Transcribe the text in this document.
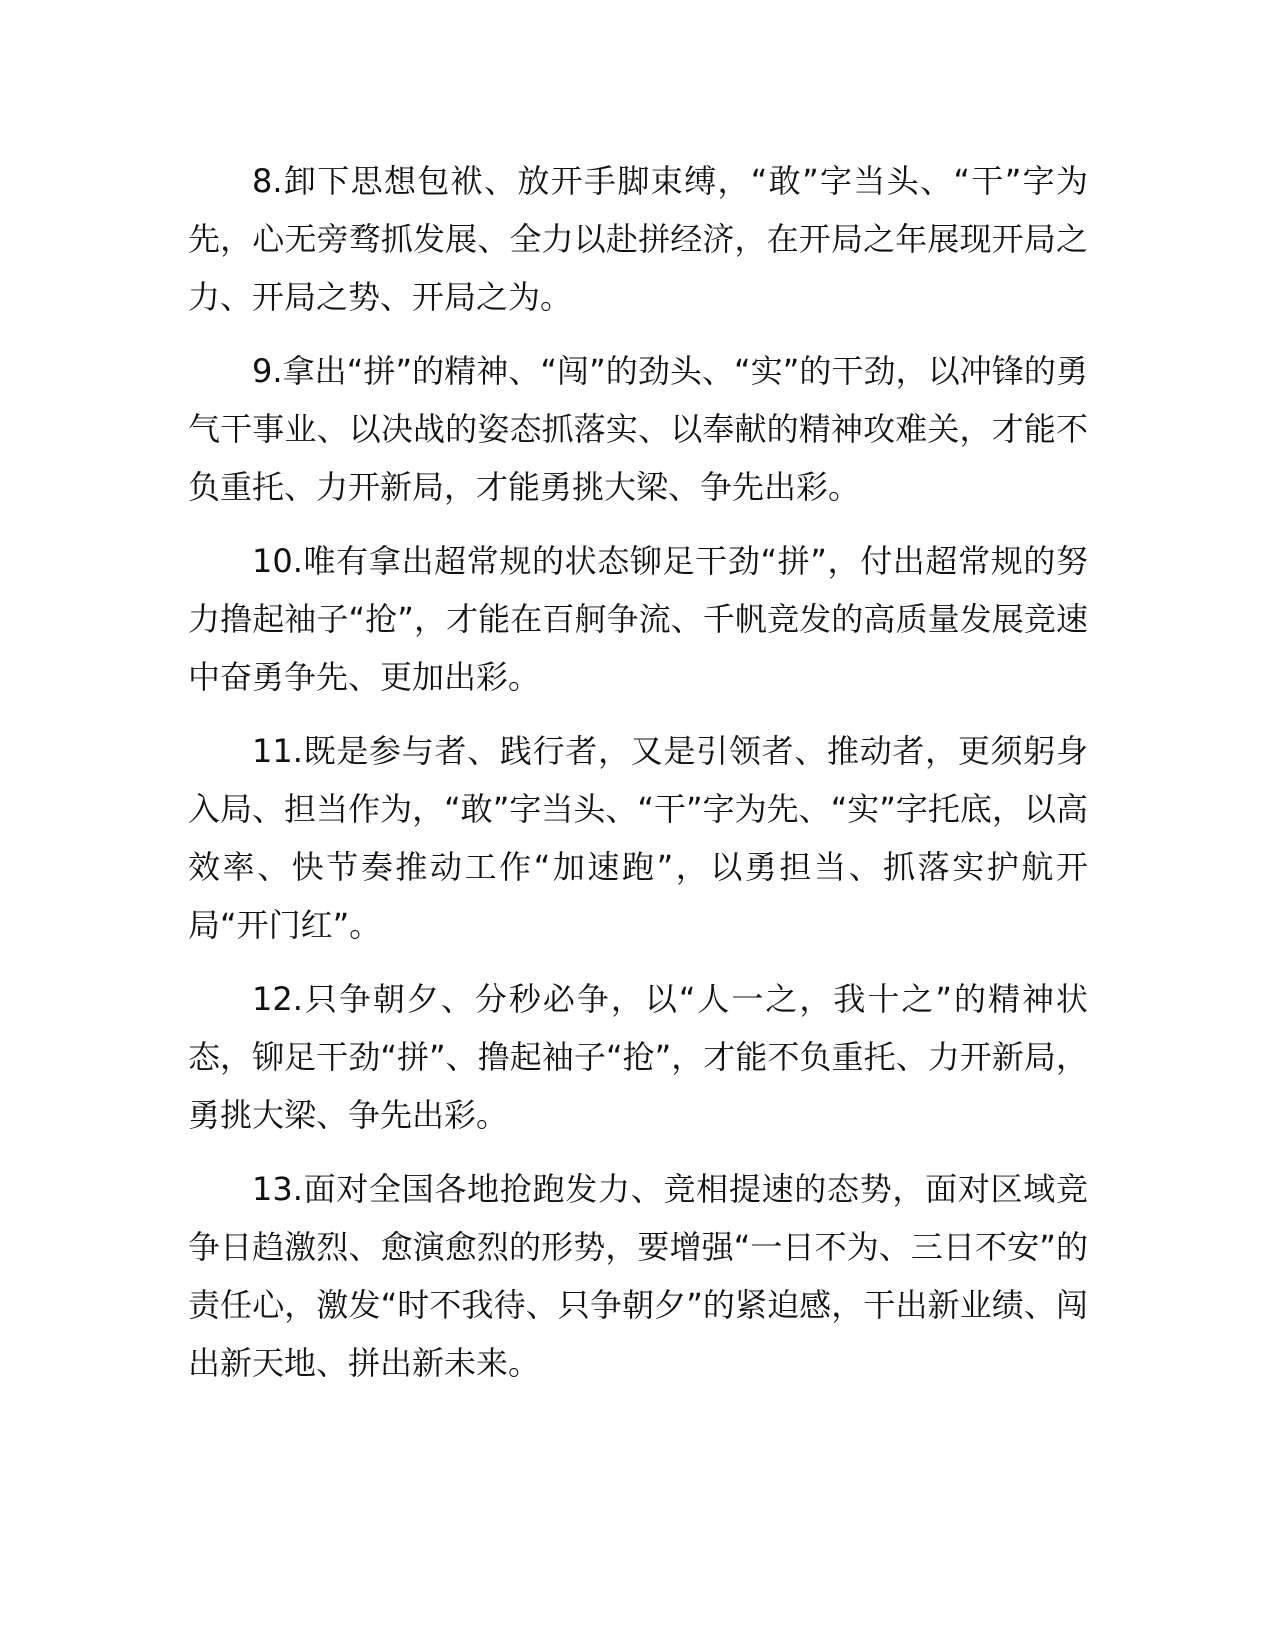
8.卸下思想包袱、放开手脚束缚，“敢”字当头、“干”字为先，心无旁骛抓发展、全力以赴拼经济，在开局之年展现开局之力、开局之势、开局之为。

9.拿出“拼”的精神、“闯”的劲头、“实”的干劲，以冲锋的勇气干事业、以决战的姿态抓落实、以奉献的精神攻难关，才能不负重托、力开新局，才能勇挑大梁、争先出彩。

10.唯有拿出超常规的状态铆足干劲“拼”，付出超常规的努力撸起袖子“抢”，才能在百舸争流、千帆竞发的高质量发展竞速中奋勇争先、更加出彩。

11.既是参与者、践行者，又是引领者、推动者，更须躬身入局、担当作为，“敢”字当头、“干”字为先、“实”字托底，以高效率、快节奏推动工作“加速跑”，以勇担当、抓落实护航开局“开门红”。

12.只争朝夕、分秒必争，以“人一之，我十之”的精神状态，铆足干劲“拼”、撸起袖子“抢”，才能不负重托、力开新局，勇挑大梁、争先出彩。

13.面对全国各地抢跑发力、竞相提速的态势，面对区域竞争日趋激烈、愈演愈烈的形势，要增强“一日不为、三日不安”的责任心，激发“时不我待、只争朝夕”的紧迫感，干出新业绩、闯出新天地、拼出新未来。
